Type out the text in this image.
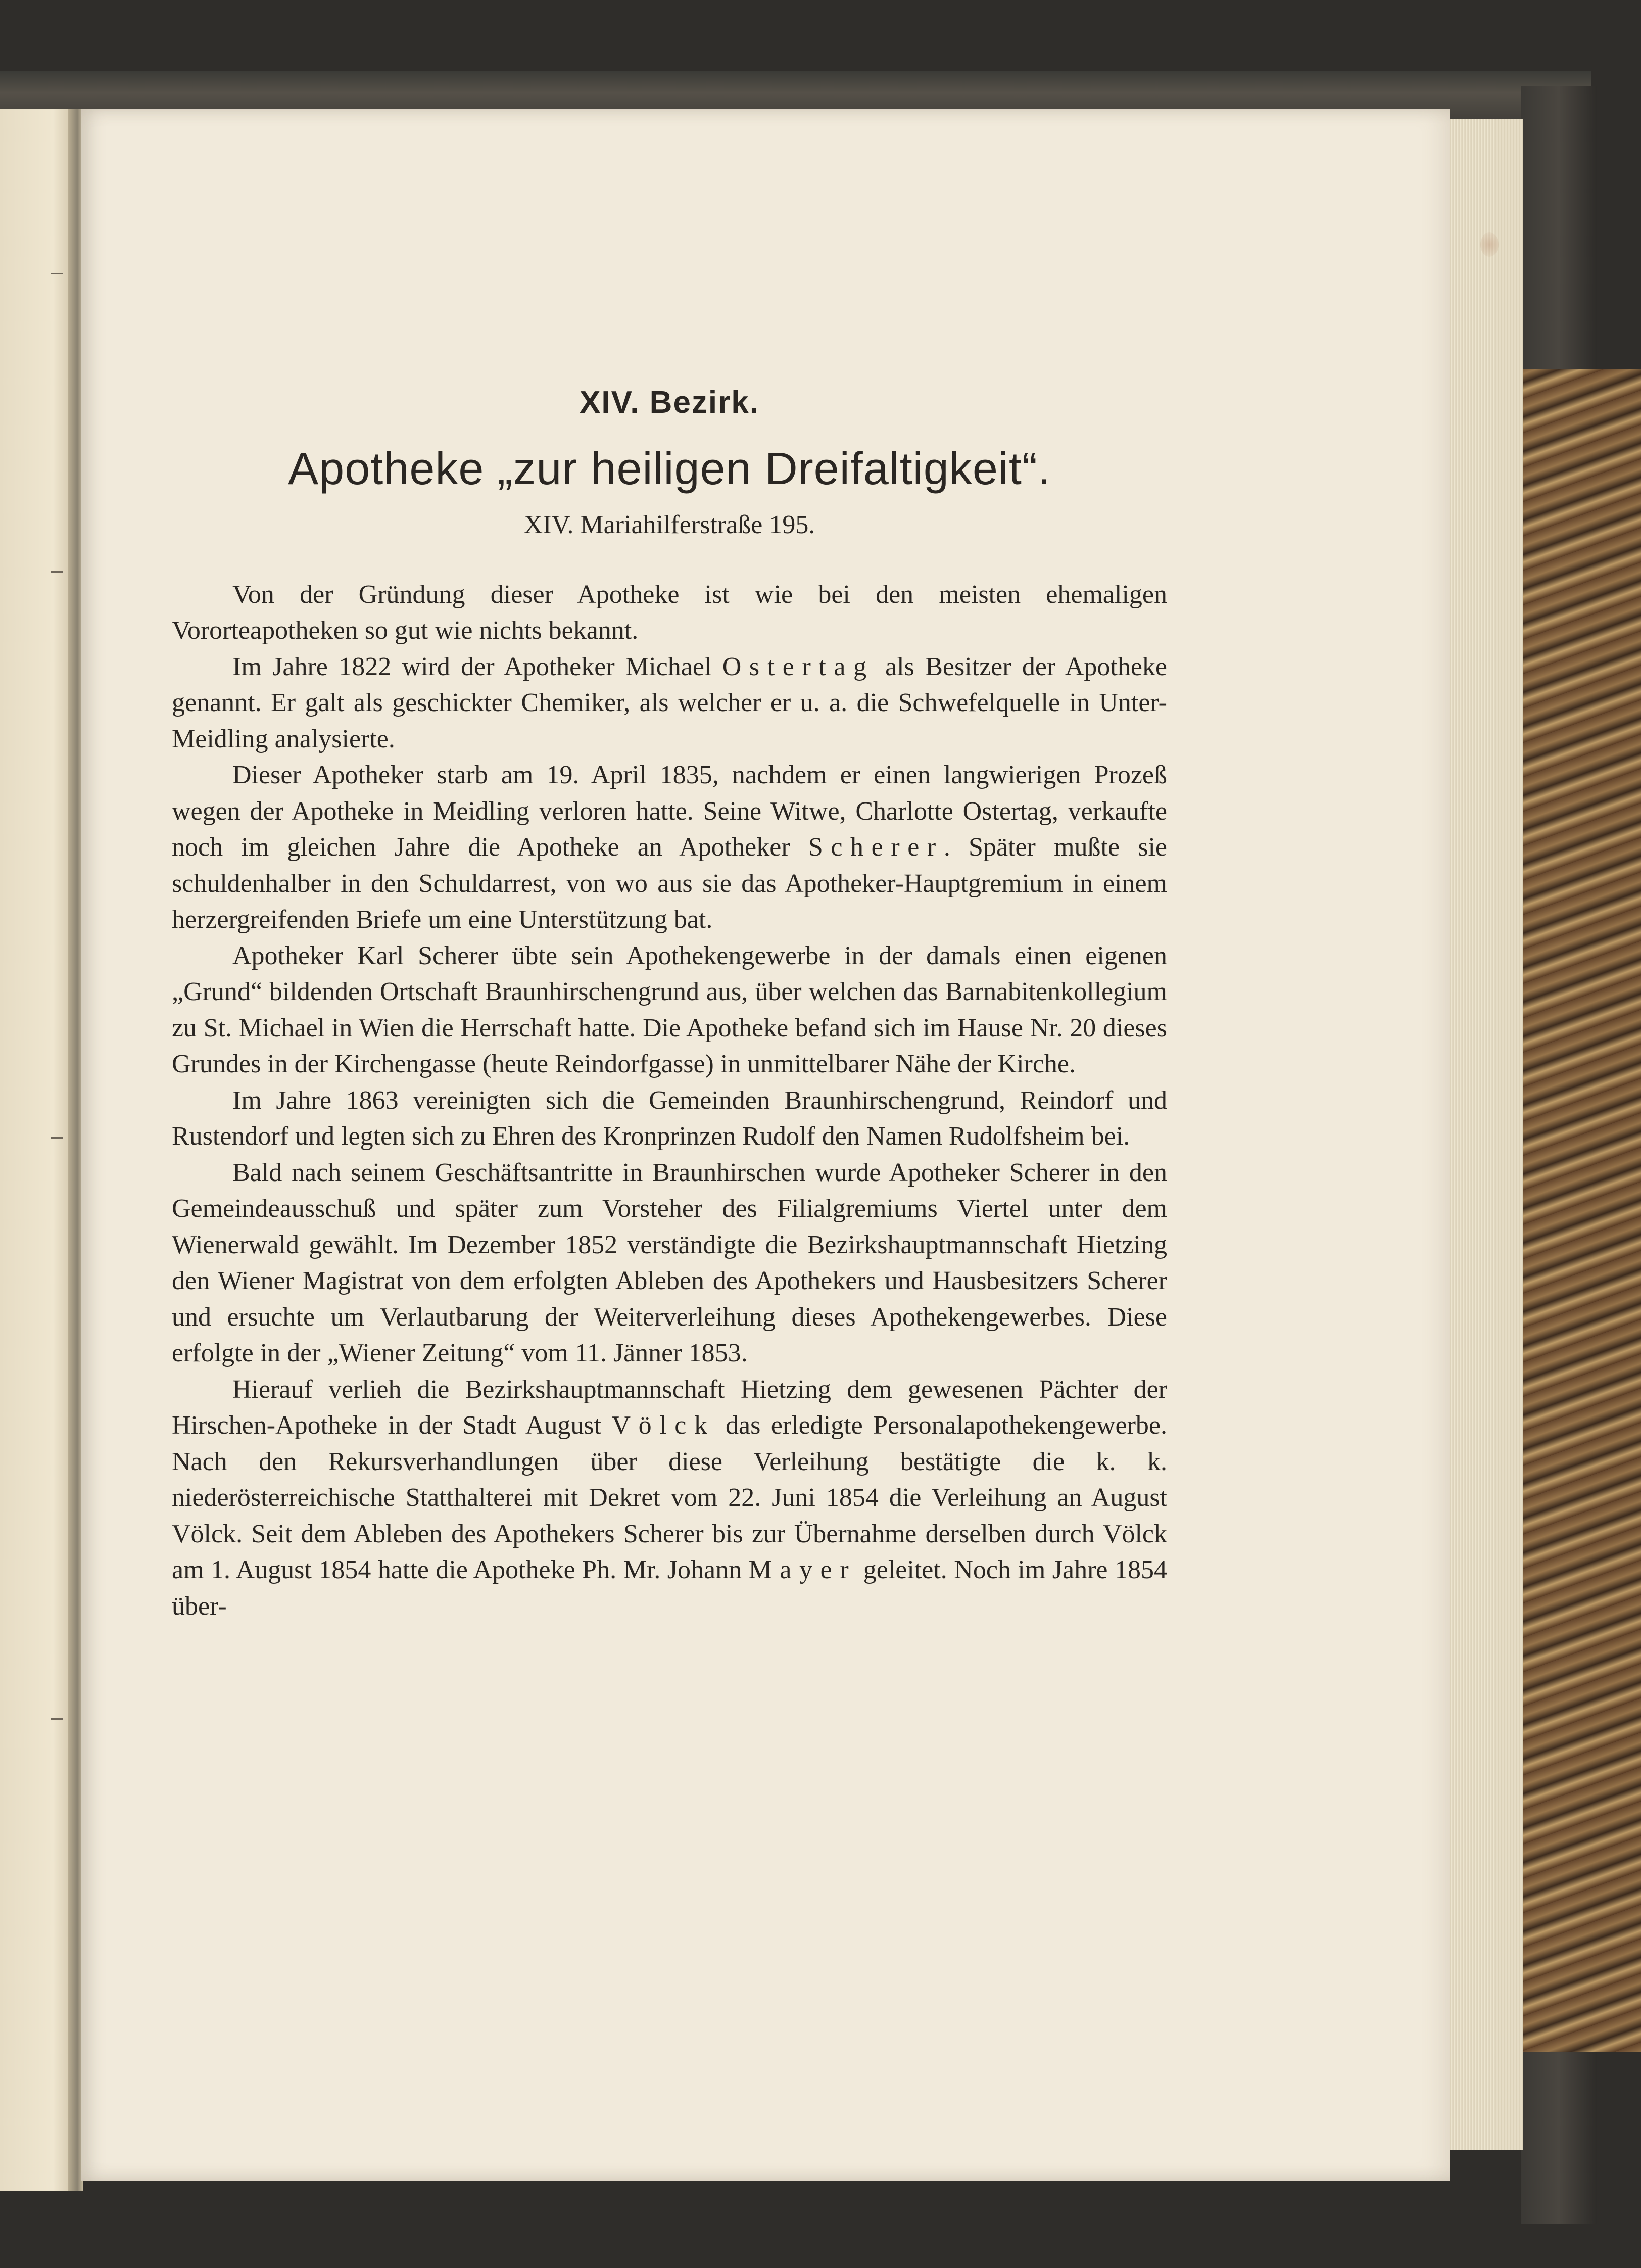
XIV. Bezirk.
Apotheke „zur heiligen Dreifaltigkeit“.
XIV. Mariahilferstraße 195.

Von der Gründung dieser Apotheke ist wie bei den meisten ehemaligen Vororteapotheken so gut wie nichts bekannt.

Im Jahre 1822 wird der Apotheker Michael Ostertag als Besitzer der Apotheke genannt. Er galt als geschickter Chemiker, als welcher er u. a. die Schwefelquelle in Unter-Meidling analysierte.

Dieser Apotheker starb am 19. April 1835, nachdem er einen langwierigen Prozeß wegen der Apotheke in Meidling verloren hatte. Seine Witwe, Charlotte Ostertag, verkaufte noch im gleichen Jahre die Apotheke an Apotheker Scherer. Später mußte sie schuldenhalber in den Schuldarrest, von wo aus sie das Apotheker-Hauptgremium in einem herzergreifenden Briefe um eine Unterstützung bat.

Apotheker Karl Scherer übte sein Apothekengewerbe in der damals einen eigenen „Grund“ bildenden Ortschaft Braunhirschengrund aus, über welchen das Barnabitenkollegium zu St. Michael in Wien die Herrschaft hatte. Die Apotheke befand sich im Hause Nr. 20 dieses Grundes in der Kirchengasse (heute Reindorfgasse) in unmittelbarer Nähe der Kirche.

Im Jahre 1863 vereinigten sich die Gemeinden Braunhirschengrund, Reindorf und Rustendorf und legten sich zu Ehren des Kronprinzen Rudolf den Namen Rudolfsheim bei.

Bald nach seinem Geschäftsantritte in Braunhirschen wurde Apotheker Scherer in den Gemeindeausschuß und später zum Vorsteher des Filialgremiums Viertel unter dem Wienerwald gewählt. Im Dezember 1852 verständigte die Bezirkshauptmannschaft Hietzing den Wiener Magistrat von dem erfolgten Ableben des Apothekers und Hausbesitzers Scherer und ersuchte um Verlautbarung der Weiterverleihung dieses Apothekengewerbes. Diese erfolgte in der „Wiener Zeitung“ vom 11. Jänner 1853.

Hierauf verlieh die Bezirkshauptmannschaft Hietzing dem gewesenen Pächter der Hirschen-Apotheke in der Stadt August Völck das erledigte Personalapothekengewerbe. Nach den Rekursverhandlungen über diese Verleihung bestätigte die k. k. niederösterreichische Statthalterei mit Dekret vom 22. Juni 1854 die Verleihung an August Völck. Seit dem Ableben des Apothekers Scherer bis zur Übernahme derselben durch Völck am 1. August 1854 hatte die Apotheke Ph. Mr. Johann Mayer geleitet. Noch im Jahre 1854 über-
